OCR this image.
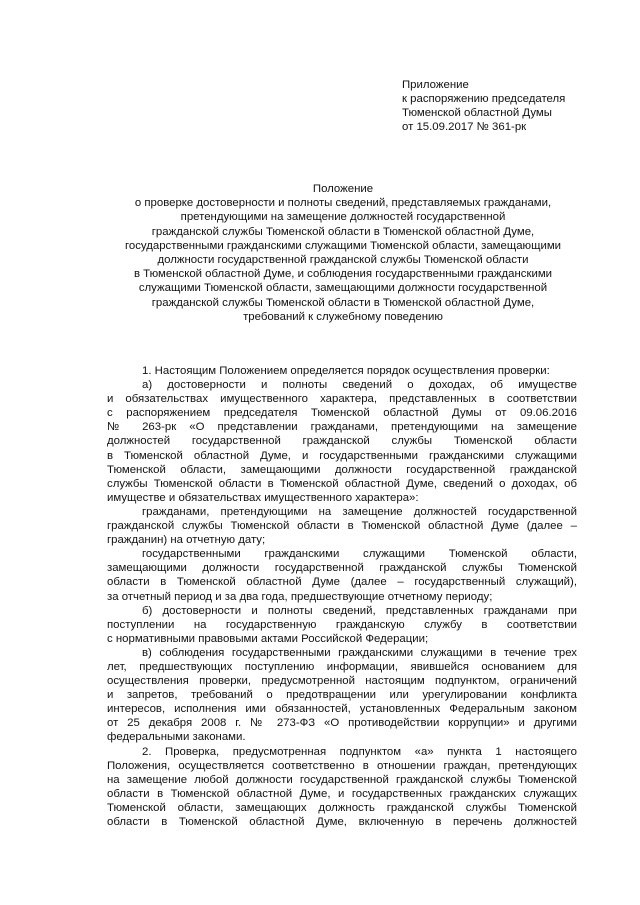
Приложение
к распоряжению председателя
Тюменской областной Думы
от 15.09.2017 № 361-рк
Положение
о проверке достоверности и полноты сведений, представляемых гражданами,
претендующими на замещение должностей государственной
гражданской службы Тюменской области в Тюменской областной Думе,
государственными гражданскими служащими Тюменской области, замещающими
должности государственной гражданской службы Тюменской области
в Тюменской областной Думе, и соблюдения государственными гражданскими
служащими Тюменской области, замещающими должности государственной
гражданской службы Тюменской области в Тюменской областной Думе,
требований к служебному поведению
1. Настоящим Положением определяется порядок осуществления проверки:
а) достоверности и полноты сведений о доходах, об имуществе
и обязательствах имущественного характера, представленных в соответствии
с распоряжением председателя Тюменской областной Думы от 09.06.2016
№ 263-рк «О представлении гражданами, претендующими на замещение
должностей государственной гражданской службы Тюменской области
в Тюменской областной Думе, и государственными гражданскими служащими
Тюменской области, замещающими должности государственной гражданской
службы Тюменской области в Тюменской областной Думе, сведений о доходах, об
имуществе и обязательствах имущественного характера»:
гражданами, претендующими на замещение должностей государственной
гражданской службы Тюменской области в Тюменской областной Думе (далее –
гражданин) на отчетную дату;
государственными гражданскими служащими Тюменской области,
замещающими должности государственной гражданской службы Тюменской
области в Тюменской областной Думе (далее – государственный служащий),
за отчетный период и за два года, предшествующие отчетному периоду;
б) достоверности и полноты сведений, представленных гражданами при
поступлении на государственную гражданскую службу в соответствии
с нормативными правовыми актами Российской Федерации;
в) соблюдения государственными гражданскими служащими в течение трех
лет, предшествующих поступлению информации, явившейся основанием для
осуществления проверки, предусмотренной настоящим подпунктом, ограничений
и запретов, требований о предотвращении или урегулировании конфликта
интересов, исполнения ими обязанностей, установленных Федеральным законом
от 25 декабря 2008 г. № 273-ФЗ «О противодействии коррупции» и другими
федеральными законами.
2. Проверка, предусмотренная подпунктом «а» пункта 1 настоящего
Положения, осуществляется соответственно в отношении граждан, претендующих
на замещение любой должности государственной гражданской службы Тюменской
области в Тюменской областной Думе, и государственных гражданских служащих
Тюменской области, замещающих должность гражданской службы Тюменской
области в Тюменской областной Думе, включенную в перечень должностей
